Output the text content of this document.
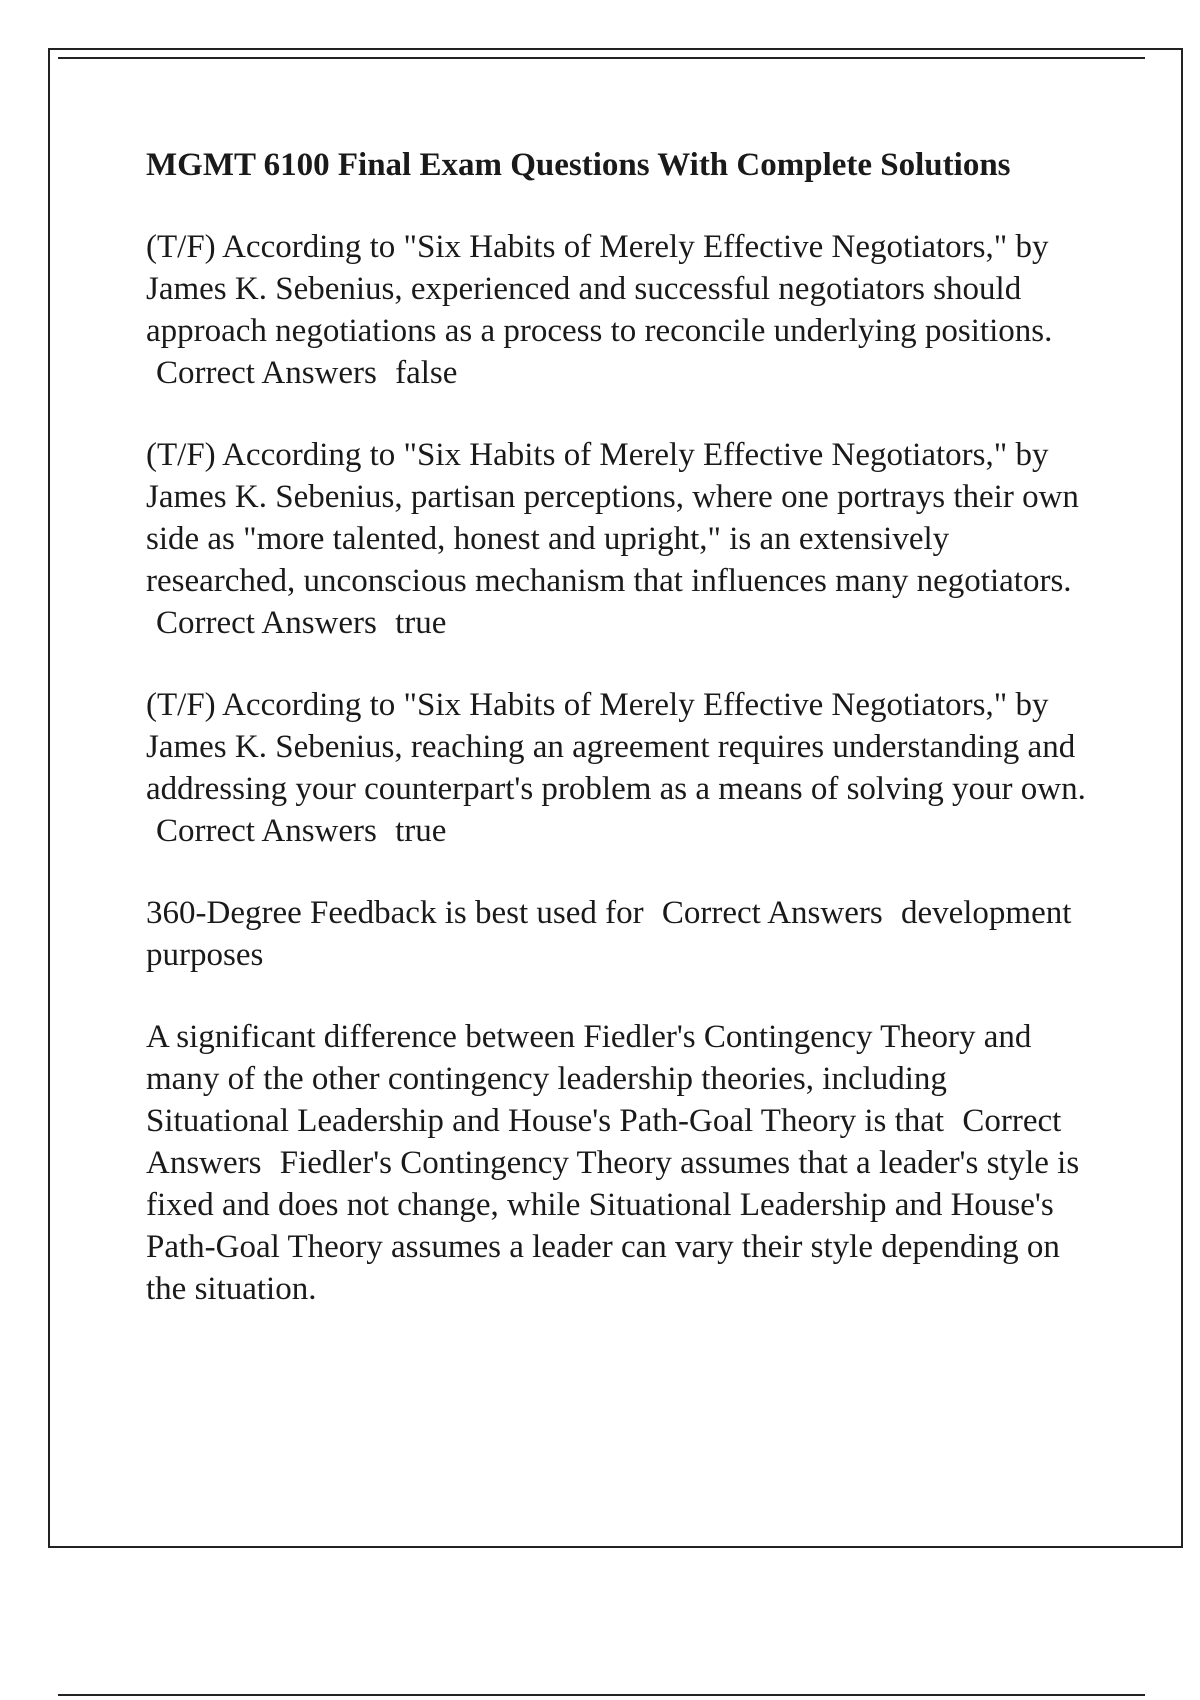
MGMT 6100 Final Exam Questions With Complete Solutions
(T/F) According to "Six Habits of Merely Effective Negotiators," by James K. Sebenius, experienced and successful negotiators should approach negotiations as a process to reconcile underlying positions. Correct Answers false
(T/F) According to "Six Habits of Merely Effective Negotiators," by James K. Sebenius, partisan perceptions, where one portrays their own side as "more talented, honest and upright," is an extensively researched, unconscious mechanism that influences many negotiators. Correct Answers true
(T/F) According to "Six Habits of Merely Effective Negotiators," by James K. Sebenius, reaching an agreement requires understanding and addressing your counterpart's problem as a means of solving your own. Correct Answers true
360-Degree Feedback is best used for Correct Answers development purposes
A significant difference between Fiedler's Contingency Theory and many of the other contingency leadership theories, including Situational Leadership and House's Path-Goal Theory is that Correct Answers Fiedler's Contingency Theory assumes that a leader's style is fixed and does not change, while Situational Leadership and House's Path-Goal Theory assumes a leader can vary their style depending on the situation.
